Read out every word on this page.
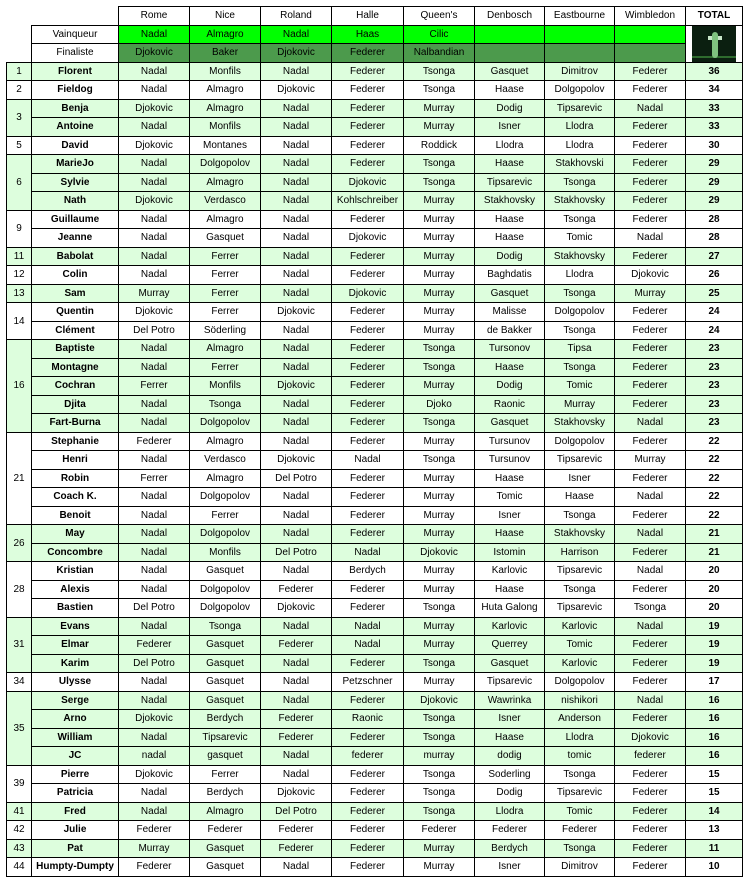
		Rome	Nice	Roland	Halle	Queen's	Denbosch	Eastbourne	Wimbledon	TOTAL
	Vainqueur	Nadal	Almagro	Nadal	Haas	Cilic				

	Finaliste	Djokovic	Baker	Djokovic	Federer	Nalbandian				
1	Florent	Nadal	Monfils	Nadal	Federer	Tsonga	Gasquet	Dimitrov	Federer	36
2	Fieldog	Nadal	Almagro	Djokovic	Federer	Tsonga	Haase	Dolgopolov	Federer	34
3	Benja	Djokovic	Almagro	Nadal	Federer	Murray	Dodig	Tipsarevic	Nadal	33
	Antoine	Nadal	Monfils	Nadal	Federer	Murray	Isner	Llodra	Federer	33
5	David	Djokovic	Montanes	Nadal	Federer	Roddick	Llodra	Llodra	Federer	30
6	MarieJo	Nadal	Dolgopolov	Nadal	Federer	Tsonga	Haase	Stakhovski	Federer	29
	Sylvie	Nadal	Almagro	Nadal	Djokovic	Tsonga	Tipsarevic	Tsonga	Federer	29
	Nath	Djokovic	Verdasco	Nadal	Kohlschreiber	Murray	Stakhovsky	Stakhovsky	Federer	29
9	Guillaume	Nadal	Almagro	Nadal	Federer	Murray	Haase	Tsonga	Federer	28
	Jeanne	Nadal	Gasquet	Nadal	Djokovic	Murray	Haase	Tomic	Nadal	28
11	Babolat	Nadal	Ferrer	Nadal	Federer	Murray	Dodig	Stakhovsky	Federer	27
12	Colin	Nadal	Ferrer	Nadal	Federer	Murray	Baghdatis	Llodra	Djokovic	26
13	Sam	Murray	Ferrer	Nadal	Djokovic	Murray	Gasquet	Tsonga	Murray	25
14	Quentin	Djokovic	Ferrer	Djokovic	Federer	Murray	Malisse	Dolgopolov	Federer	24
	Clément	Del Potro	Söderling	Nadal	Federer	Murray	de Bakker	Tsonga	Federer	24
16	Baptiste	Nadal	Almagro	Nadal	Federer	Tsonga	Tursonov	Tipsa	Federer	23
	Montagne	Nadal	Ferrer	Nadal	Federer	Tsonga	Haase	Tsonga	Federer	23
	Cochran	Ferrer	Monfils	Djokovic	Federer	Murray	Dodig	Tomic	Federer	23
	Djita	Nadal	Tsonga	Nadal	Federer	Djoko	Raonic	Murray	Federer	23
	Fart-Burna	Nadal	Dolgopolov	Nadal	Federer	Tsonga	Gasquet	Stakhovsky	Nadal	23
21	Stephanie	Federer	Almagro	Nadal	Federer	Murray	Tursunov	Dolgopolov	Federer	22
	Henri	Nadal	Verdasco	Djokovic	Nadal	Tsonga	Tursunov	Tipsarevic	Murray	22
	Robin	Ferrer	Almagro	Del Potro	Federer	Murray	Haase	Isner	Federer	22
	Coach K.	Nadal	Dolgopolov	Nadal	Federer	Murray	Tomic	Haase	Nadal	22
	Benoit	Nadal	Ferrer	Nadal	Federer	Murray	Isner	Tsonga	Federer	22
26	May	Nadal	Dolgopolov	Nadal	Federer	Murray	Haase	Stakhovsky	Nadal	21
	Concombre	Nadal	Monfils	Del Potro	Nadal	Djokovic	Istomin	Harrison	Federer	21
28	Kristian	Nadal	Gasquet	Nadal	Berdych	Murray	Karlovic	Tipsarevic	Nadal	20
	Alexis	Nadal	Dolgopolov	Federer	Federer	Murray	Haase	Tsonga	Federer	20
	Bastien	Del Potro	Dolgopolov	Djokovic	Federer	Tsonga	Huta Galong	Tipsarevic	Tsonga	20
31	Evans	Nadal	Tsonga	Nadal	Nadal	Murray	Karlovic	Karlovic	Nadal	19
	Elmar	Federer	Gasquet	Federer	Nadal	Murray	Querrey	Tomic	Federer	19
	Karim	Del Potro	Gasquet	Nadal	Federer	Tsonga	Gasquet	Karlovic	Federer	19
34	Ulysse	Nadal	Gasquet	Nadal	Petzschner	Murray	Tipsarevic	Dolgopolov	Federer	17
35	Serge	Nadal	Gasquet	Nadal	Federer	Djokovic	Wawrinka	nishikori	Nadal	16
	Arno	Djokovic	Berdych	Federer	Raonic	Tsonga	Isner	Anderson	Federer	16
	William	Nadal	Tipsarevic	Federer	Federer	Tsonga	Haase	Llodra	Djokovic	16
	JC	nadal	gasquet	Nadal	federer	murray	dodig	tomic	federer	16
39	Pierre	Djokovic	Ferrer	Nadal	Federer	Tsonga	Soderling	Tsonga	Federer	15
	Patricia	Nadal	Berdych	Djokovic	Federer	Tsonga	Dodig	Tipsarevic	Federer	15
41	Fred	Nadal	Almagro	Del Potro	Federer	Tsonga	Llodra	Tomic	Federer	14
42	Julie	Federer	Federer	Federer	Federer	Federer	Federer	Federer	Federer	13
43	Pat	Murray	Gasquet	Federer	Federer	Murray	Berdych	Tsonga	Federer	11
44	Humpty-Dumpty	Federer	Gasquet	Nadal	Federer	Murray	Isner	Dimitrov	Federer	10
